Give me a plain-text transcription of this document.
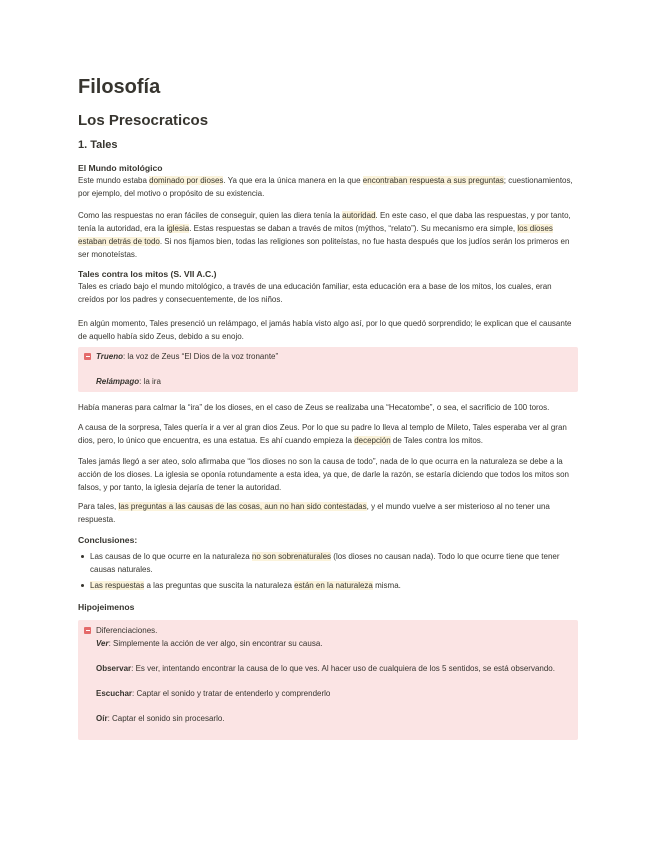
Filosofía
Los Presocraticos
1. Tales
El Mundo mitológico

Este mundo estaba dominado por dioses. Ya que era la única manera en la que encontraban respuesta a sus preguntas; cuestionamientos, por ejemplo, del motivo o propósito de su existencia.

Como las respuestas no eran fáciles de conseguir, quien las diera tenía la autoridad. En este caso, el que daba las respuestas, y por tanto, tenía la autoridad, era la iglesia. Estas respuestas se daban a través de mitos (mýthos, “relato”). Su mecanismo era simple, los dioses estaban detrás de todo. Si nos fijamos bien, todas las religiones son politeístas, no fue hasta después que los judíos serán los primeros en ser monoteístas.

Tales contra los mitos (S. VII A.C.)

Tales es criado bajo el mundo mitológico, a través de una educación familiar, esta educación era a base de los mitos, los cuales, eran creídos por los padres y consecuentemente, de los niños.

En algún momento, Tales presenció un relámpago, el jamás había visto algo así, por lo que quedó sorprendido; le explican que el causante de aquello había sido Zeus, debido a su enojo.

Trueno: la voz de Zeus “El Dios de la voz tronante”

Relámpago: la ira

Había maneras para calmar la “ira” de los dioses, en el caso de Zeus se realizaba una “Hecatombe”, o sea, el sacrificio de 100 toros.

A causa de la sorpresa, Tales quería ir a ver al gran dios Zeus. Por lo que su padre lo lleva al templo de Mileto, Tales esperaba ver al gran dios, pero, lo único que encuentra, es una estatua. Es ahí cuando empieza la decepción de Tales contra los mitos.

Tales jamás llegó a ser ateo, solo afirmaba que “los dioses no son la causa de todo”, nada de lo que ocurra en la naturaleza se debe a la acción de los dioses. La iglesia se oponía rotundamente a esta idea, ya que, de darle la razón, se estaría diciendo que todos los mitos son falsos, y por tanto, la iglesia dejaría de tener la autoridad.

Para tales, las preguntas a las causas de las cosas, aun no han sido contestadas, y el mundo vuelve a ser misterioso al no tener una respuesta.

Conclusiones:
Las causas de lo que ocurre en la naturaleza no son sobrenaturales (los dioses no causan nada). Todo lo que ocurre tiene que tener causas naturales.
Las respuestas a las preguntas que suscita la naturaleza están en la naturaleza misma.
Hipojeimenos

Diferenciaciones.

Ver: Simplemente la acción de ver algo, sin encontrar su causa.

Observar: Es ver, intentando encontrar la causa de lo que ves. Al hacer uso de cualquiera de los 5 sentidos, se está observando.

Escuchar: Captar el sonido y tratar de entenderlo y comprenderlo

Oír: Captar el sonido sin procesarlo.
